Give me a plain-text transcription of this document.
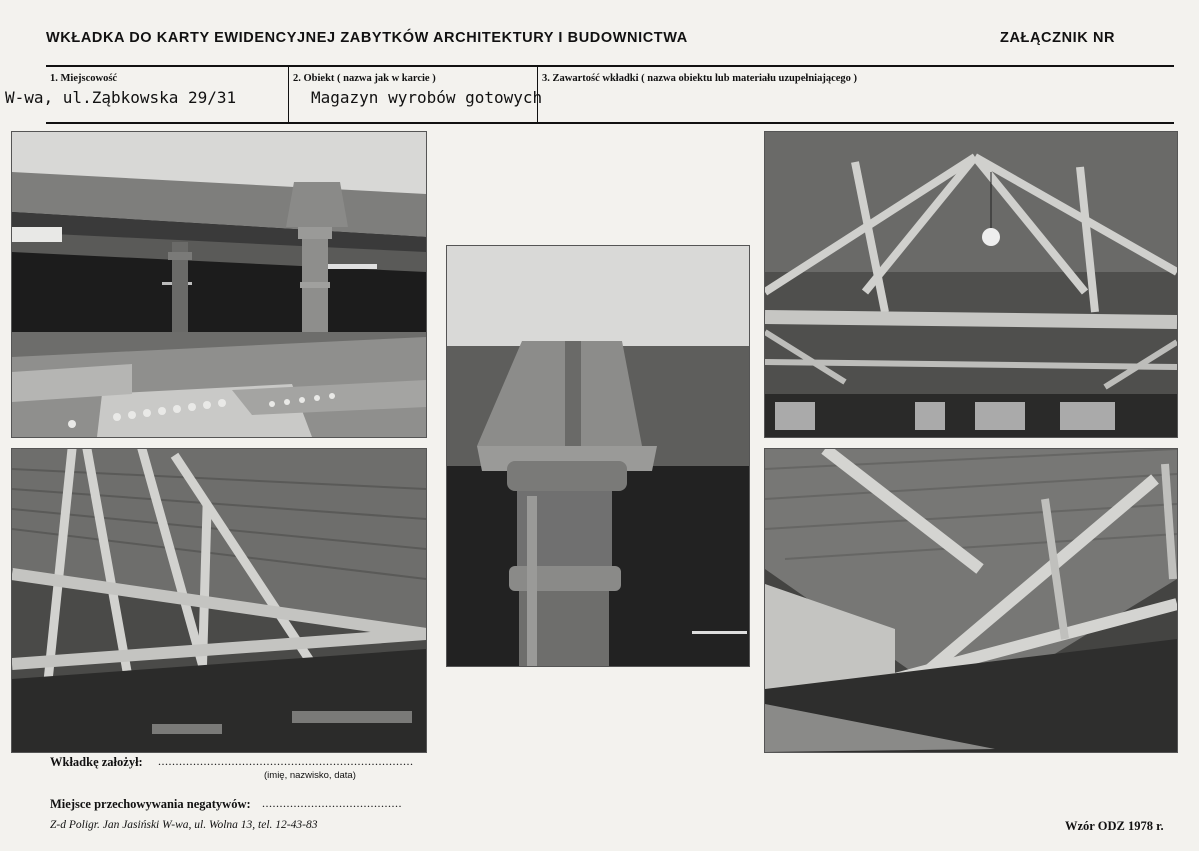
WKŁADKA DO KARTY EWIDENCYJNEJ ZABYTKÓW ARCHITEKTURY I BUDOWNICTWA	ZAŁĄCZNIK NR
1. Miejscowość
W-wa, ul.Ząbkowska 29/31
2. Obiekt ( nazwa jak w karcie )
Magazyn wyrobów gotowych
3. Zawartość wkładki ( nazwa obiektu lub materiału uzupełniającego )
Wkładkę założył: .........................................................................
(imię, nazwisko, data)
Miejsce przechowywania negatywów: ........................................
Z-d Poligr. Jan Jasiński W-wa, ul. Wolna 13, tel. 12-43-83	Wzór ODZ 1978 r.
